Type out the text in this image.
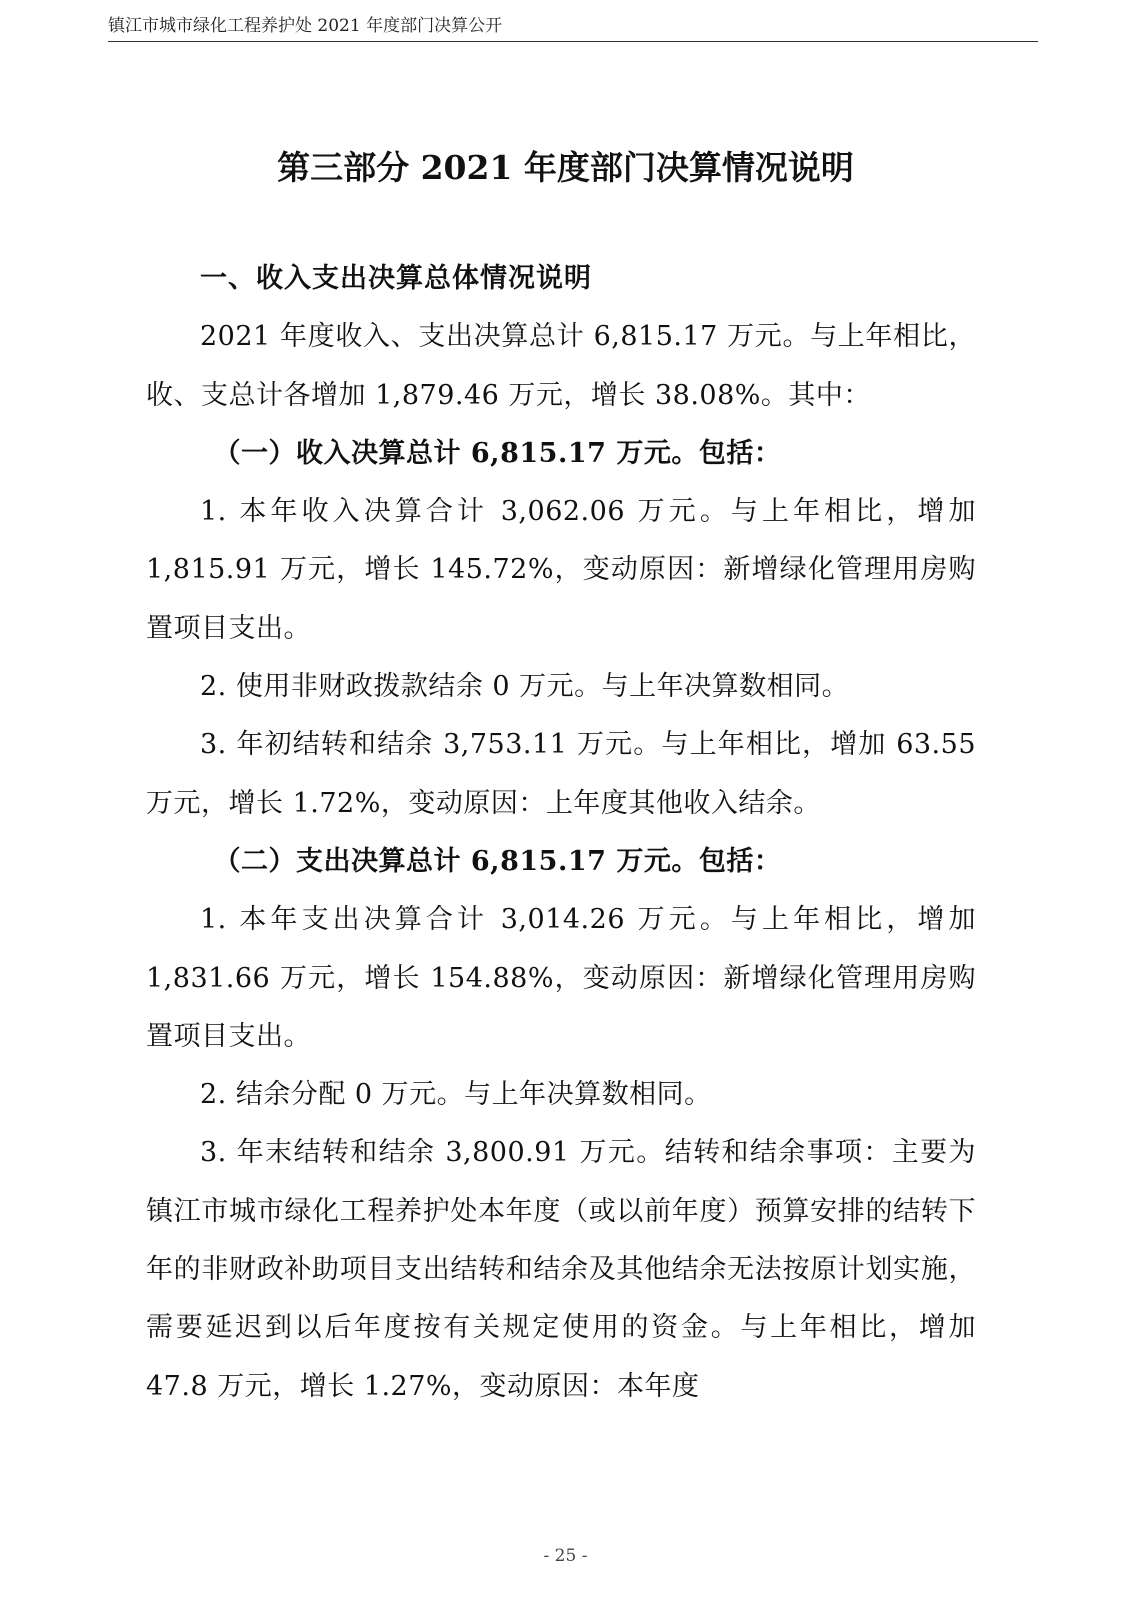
镇江市城市绿化工程养护处 2021 年度部门决算公开
第三部分 2021 年度部门决算情况说明

一、收入支出决算总体情况说明

2021 年度收入、支出决算总计 6,815.17 万元。与上年相比，收、支总计各增加 1,879.46 万元，增长 38.08%。其中：

（一）收入决算总计 6,815.17 万元。包括：

1. 本年收入决算合计 3,062.06 万元。与上年相比，增加 1,815.91 万元，增长 145.72%，变动原因：新增绿化管理用房购置项目支出。

2. 使用非财政拨款结余 0 万元。与上年决算数相同。

3. 年初结转和结余 3,753.11 万元。与上年相比，增加 63.55 万元，增长 1.72%，变动原因：上年度其他收入结余。

（二）支出决算总计 6,815.17 万元。包括：

1. 本年支出决算合计 3,014.26 万元。与上年相比，增加 1,831.66 万元，增长 154.88%，变动原因：新增绿化管理用房购置项目支出。

2. 结余分配 0 万元。与上年决算数相同。

3. 年末结转和结余 3,800.91 万元。结转和结余事项：主要为镇江市城市绿化工程养护处本年度（或以前年度）预算安排的结转下年的非财政补助项目支出结转和结余及其他结余无法按原计划实施，需要延迟到以后年度按有关规定使用的资金。与上年相比，增加 47.8 万元，增长 1.27%，变动原因：本年度

- 25 -
